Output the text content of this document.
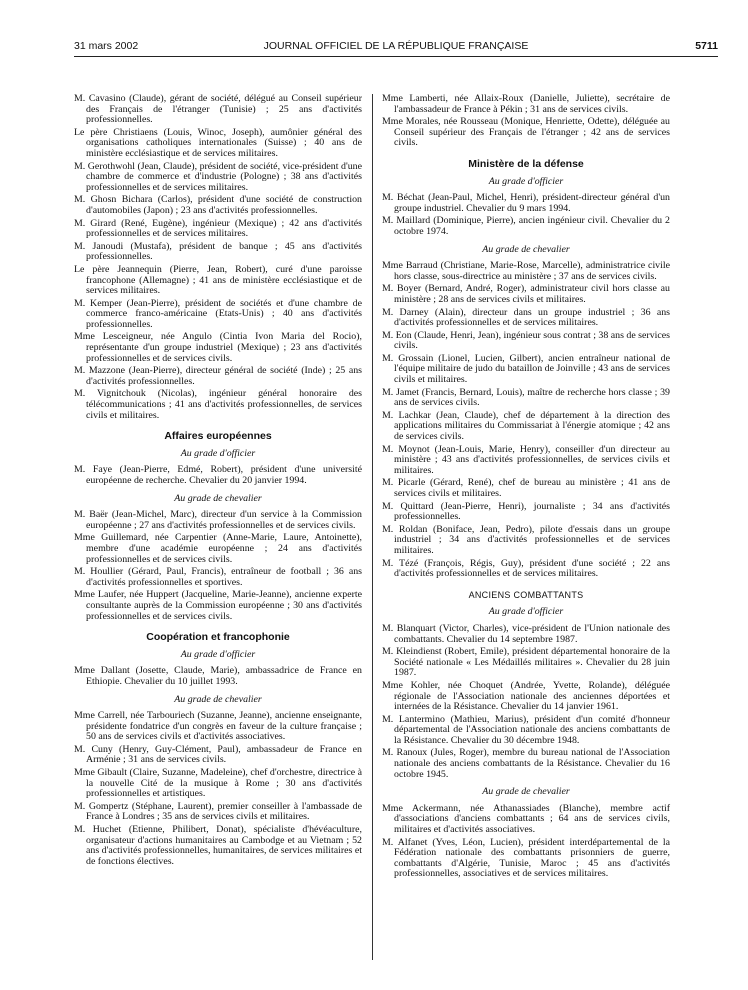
31 mars 2002	JOURNAL OFFICIEL DE LA RÉPUBLIQUE FRANÇAISE	5711
M. Cavasino (Claude), gérant de société, délégué au Conseil supérieur des Français de l'étranger (Tunisie) ; 25 ans d'activités professionnelles.
Le père Christiaens (Louis, Winoc, Joseph), aumônier général des organisations catholiques internationales (Suisse) ; 40 ans de ministère ecclésiastique et de services militaires.
M. Gerothwohl (Jean, Claude), président de société, vice-président d'une chambre de commerce et d'industrie (Pologne) ; 38 ans d'activités professionnelles et de services militaires.
M. Ghosn Bichara (Carlos), président d'une société de construction d'automobiles (Japon) ; 23 ans d'activités professionnelles.
M. Girard (René, Eugène), ingénieur (Mexique) ; 42 ans d'activités professionnelles et de services militaires.
M. Janoudi (Mustafa), président de banque ; 45 ans d'activités professionnelles.
Le père Jeannequin (Pierre, Jean, Robert), curé d'une paroisse francophone (Allemagne) ; 41 ans de ministère ecclésiastique et de services militaires.
M. Kemper (Jean-Pierre), président de sociétés et d'une chambre de commerce franco-américaine (Etats-Unis) ; 40 ans d'activités professionnelles.
Mme Lesceigneur, née Angulo (Cintia Ivon Maria del Rocio), représentante d'un groupe industriel (Mexique) ; 23 ans d'activités professionnelles et de services civils.
M. Mazzone (Jean-Pierre), directeur général de société (Inde) ; 25 ans d'activités professionnelles.
M. Vignitchouk (Nicolas), ingénieur général honoraire des télécommunications ; 41 ans d'activités professionnelles, de services civils et militaires.
Affaires européennes
Au grade d'officier
M. Faye (Jean-Pierre, Edmé, Robert), président d'une université européenne de recherche. Chevalier du 20 janvier 1994.
Au grade de chevalier
M. Baër (Jean-Michel, Marc), directeur d'un service à la Commission européenne ; 27 ans d'activités professionnelles et de services civils.
Mme Guillemard, née Carpentier (Anne-Marie, Laure, Antoinette), membre d'une académie européenne ; 24 ans d'activités professionnelles et de services civils.
M. Houllier (Gérard, Paul, Francis), entraîneur de football ; 36 ans d'activités professionnelles et sportives.
Mme Laufer, née Huppert (Jacqueline, Marie-Jeanne), ancienne experte consultante auprès de la Commission européenne ; 30 ans d'activités professionnelles et de services civils.
Coopération et francophonie
Au grade d'officier
Mme Dallant (Josette, Claude, Marie), ambassadrice de France en Ethiopie. Chevalier du 10 juillet 1993.
Au grade de chevalier
Mme Carrell, née Tarbouriech (Suzanne, Jeanne), ancienne enseignante, présidente fondatrice d'un congrès en faveur de la culture française ; 50 ans de services civils et d'activités associatives.
M. Cuny (Henry, Guy-Clément, Paul), ambassadeur de France en Arménie ; 31 ans de services civils.
Mme Gibault (Claire, Suzanne, Madeleine), chef d'orchestre, directrice à la nouvelle Cité de la musique à Rome ; 30 ans d'activités professionnelles et artistiques.
M. Gompertz (Stéphane, Laurent), premier conseiller à l'ambassade de France à Londres ; 35 ans de services civils et militaires.
M. Huchet (Etienne, Philibert, Donat), spécialiste d'hévéaculture, organisateur d'actions humanitaires au Cambodge et au Vietnam ; 52 ans d'activités professionnelles, humanitaires, de services militaires et de fonctions électives.
Mme Lamberti, née Allaix-Roux (Danielle, Juliette), secrétaire de l'ambassadeur de France à Pékin ; 31 ans de services civils.
Mme Morales, née Rousseau (Monique, Henriette, Odette), déléguée au Conseil supérieur des Français de l'étranger ; 42 ans de services civils.
Ministère de la défense
Au grade d'officier
M. Béchat (Jean-Paul, Michel, Henri), président-directeur général d'un groupe industriel. Chevalier du 9 mars 1994.
M. Maillard (Dominique, Pierre), ancien ingénieur civil. Chevalier du 2 octobre 1974.
Au grade de chevalier
Mme Barraud (Christiane, Marie-Rose, Marcelle), administratrice civile hors classe, sous-directrice au ministère ; 37 ans de services civils.
M. Boyer (Bernard, André, Roger), administrateur civil hors classe au ministère ; 28 ans de services civils et militaires.
M. Darney (Alain), directeur dans un groupe industriel ; 36 ans d'activités professionnelles et de services militaires.
M. Eon (Claude, Henri, Jean), ingénieur sous contrat ; 38 ans de services civils.
M. Grossain (Lionel, Lucien, Gilbert), ancien entraîneur national de l'équipe militaire de judo du bataillon de Joinville ; 43 ans de services civils et militaires.
M. Jamet (Francis, Bernard, Louis), maître de recherche hors classe ; 39 ans de services civils.
M. Lachkar (Jean, Claude), chef de département à la direction des applications militaires du Commissariat à l'énergie atomique ; 42 ans de services civils.
M. Moynot (Jean-Louis, Marie, Henry), conseiller d'un directeur au ministère ; 43 ans d'activités professionnelles, de services civils et militaires.
M. Picarle (Gérard, René), chef de bureau au ministère ; 41 ans de services civils et militaires.
M. Quittard (Jean-Pierre, Henri), journaliste ; 34 ans d'activités professionnelles.
M. Roldan (Boniface, Jean, Pedro), pilote d'essais dans un groupe industriel ; 34 ans d'activités professionnelles et de services militaires.
M. Tézé (François, Régis, Guy), président d'une société ; 22 ans d'activités professionnelles et de services militaires.
ANCIENS COMBATTANTS
Au grade d'officier
M. Blanquart (Victor, Charles), vice-président de l'Union nationale des combattants. Chevalier du 14 septembre 1987.
M. Kleindienst (Robert, Emile), président départemental honoraire de la Société nationale « Les Médaillés militaires ». Chevalier du 28 juin 1987.
Mme Kohler, née Choquet (Andrée, Yvette, Rolande), déléguée régionale de l'Association nationale des anciennes déportées et internées de la Résistance. Chevalier du 14 janvier 1961.
M. Lantermino (Mathieu, Marius), président d'un comité d'honneur départemental de l'Association nationale des anciens combattants de la Résistance. Chevalier du 30 décembre 1948.
M. Ranoux (Jules, Roger), membre du bureau national de l'Association nationale des anciens combattants de la Résistance. Chevalier du 16 octobre 1945.
Au grade de chevalier
Mme Ackermann, née Athanassiades (Blanche), membre actif d'associations d'anciens combattants ; 64 ans de services civils, militaires et d'activités associatives.
M. Alfanet (Yves, Léon, Lucien), président interdépartemental de la Fédération nationale des combattants prisonniers de guerre, combattants d'Algérie, Tunisie, Maroc ; 45 ans d'activités professionnelles, associatives et de services militaires.
